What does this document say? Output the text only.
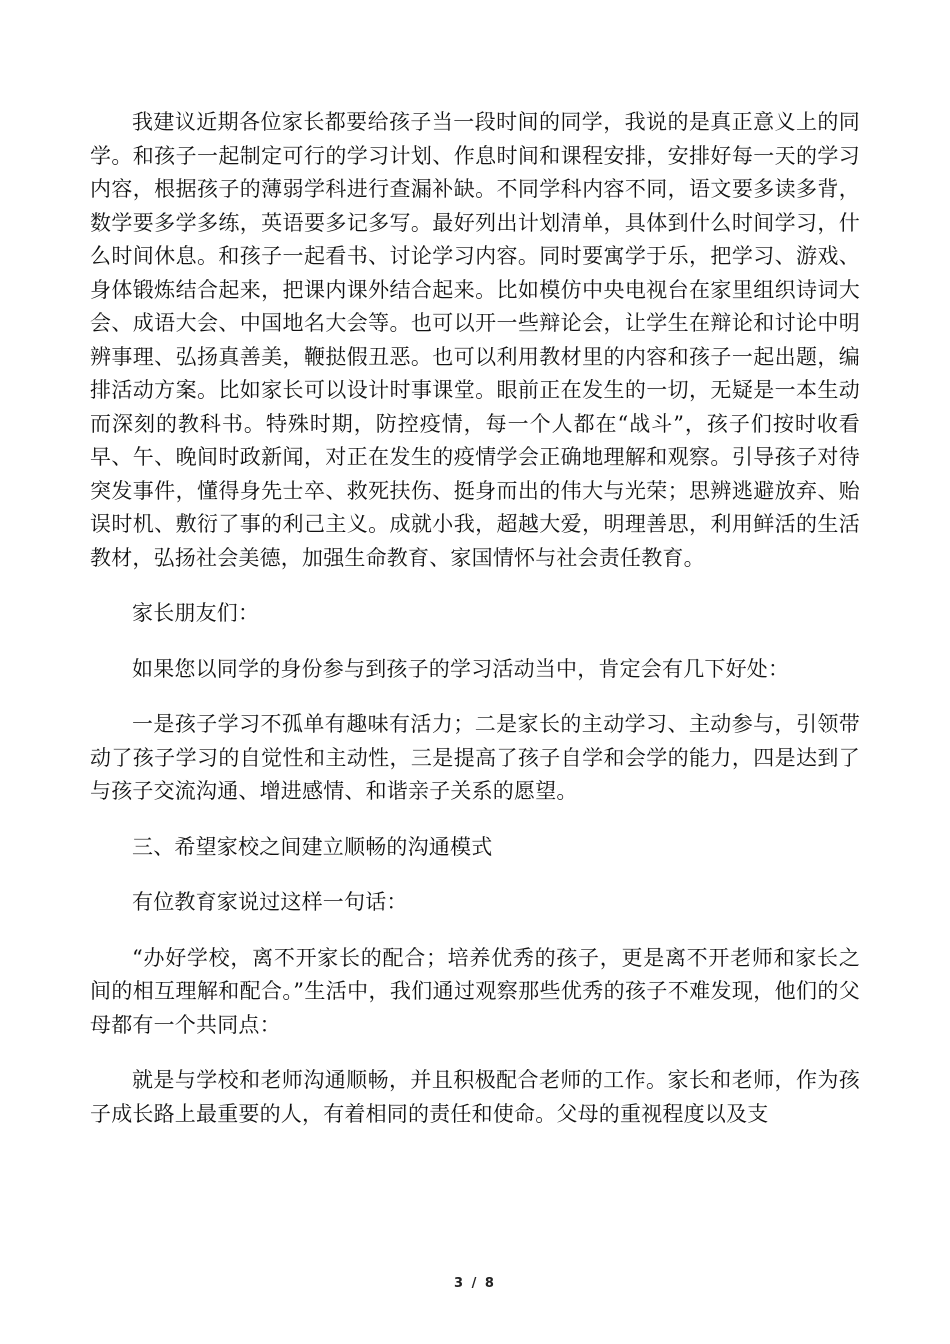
我建议近期各位家长都要给孩子当一段时间的同学，我说的是真正意义上的同学。和孩子一起制定可行的学习计划、作息时间和课程安排，安排好每一天的学习内容，根据孩子的薄弱学科进行查漏补缺。不同学科内容不同，语文要多读多背，数学要多学多练，英语要多记多写。最好列出计划清单，具体到什么时间学习，什么时间休息。和孩子一起看书、讨论学习内容。同时要寓学于乐，把学习、游戏、身体锻炼结合起来，把课内课外结合起来。比如模仿中央电视台在家里组织诗词大会、成语大会、中国地名大会等。也可以开一些辩论会，让学生在辩论和讨论中明辨事理、弘扬真善美，鞭挞假丑恶。也可以利用教材里的内容和孩子一起出题，编排活动方案。比如家长可以设计时事课堂。眼前正在发生的一切，无疑是一本生动而深刻的教科书。特殊时期，防控疫情，每一个人都在“战斗”，孩子们按时收看早、午、晚间时政新闻，对正在发生的疫情学会正确地理解和观察。引导孩子对待突发事件，懂得身先士卒、救死扶伤、挺身而出的伟大与光荣；思辨逃避放弃、贻误时机、敷衍了事的利己主义。成就小我，超越大爱，明理善思，利用鲜活的生活教材，弘扬社会美德，加强生命教育、家国情怀与社会责任教育。

家长朋友们：

如果您以同学的身份参与到孩子的学习活动当中，肯定会有几下好处：

一是孩子学习不孤单有趣味有活力；二是家长的主动学习、主动参与，引领带动了孩子学习的自觉性和主动性，三是提高了孩子自学和会学的能力，四是达到了与孩子交流沟通、增进感情、和谐亲子关系的愿望。

三、希望家校之间建立顺畅的沟通模式

有位教育家说过这样一句话：

“办好学校，离不开家长的配合；培养优秀的孩子，更是离不开老师和家长之间的相互理解和配合。”生活中，我们通过观察那些优秀的孩子不难发现，他们的父母都有一个共同点：

就是与学校和老师沟通顺畅，并且积极配合老师的工作。家长和老师，作为孩子成长路上最重要的人，有着相同的责任和使命。父母的重视程度以及支

3 / 8
